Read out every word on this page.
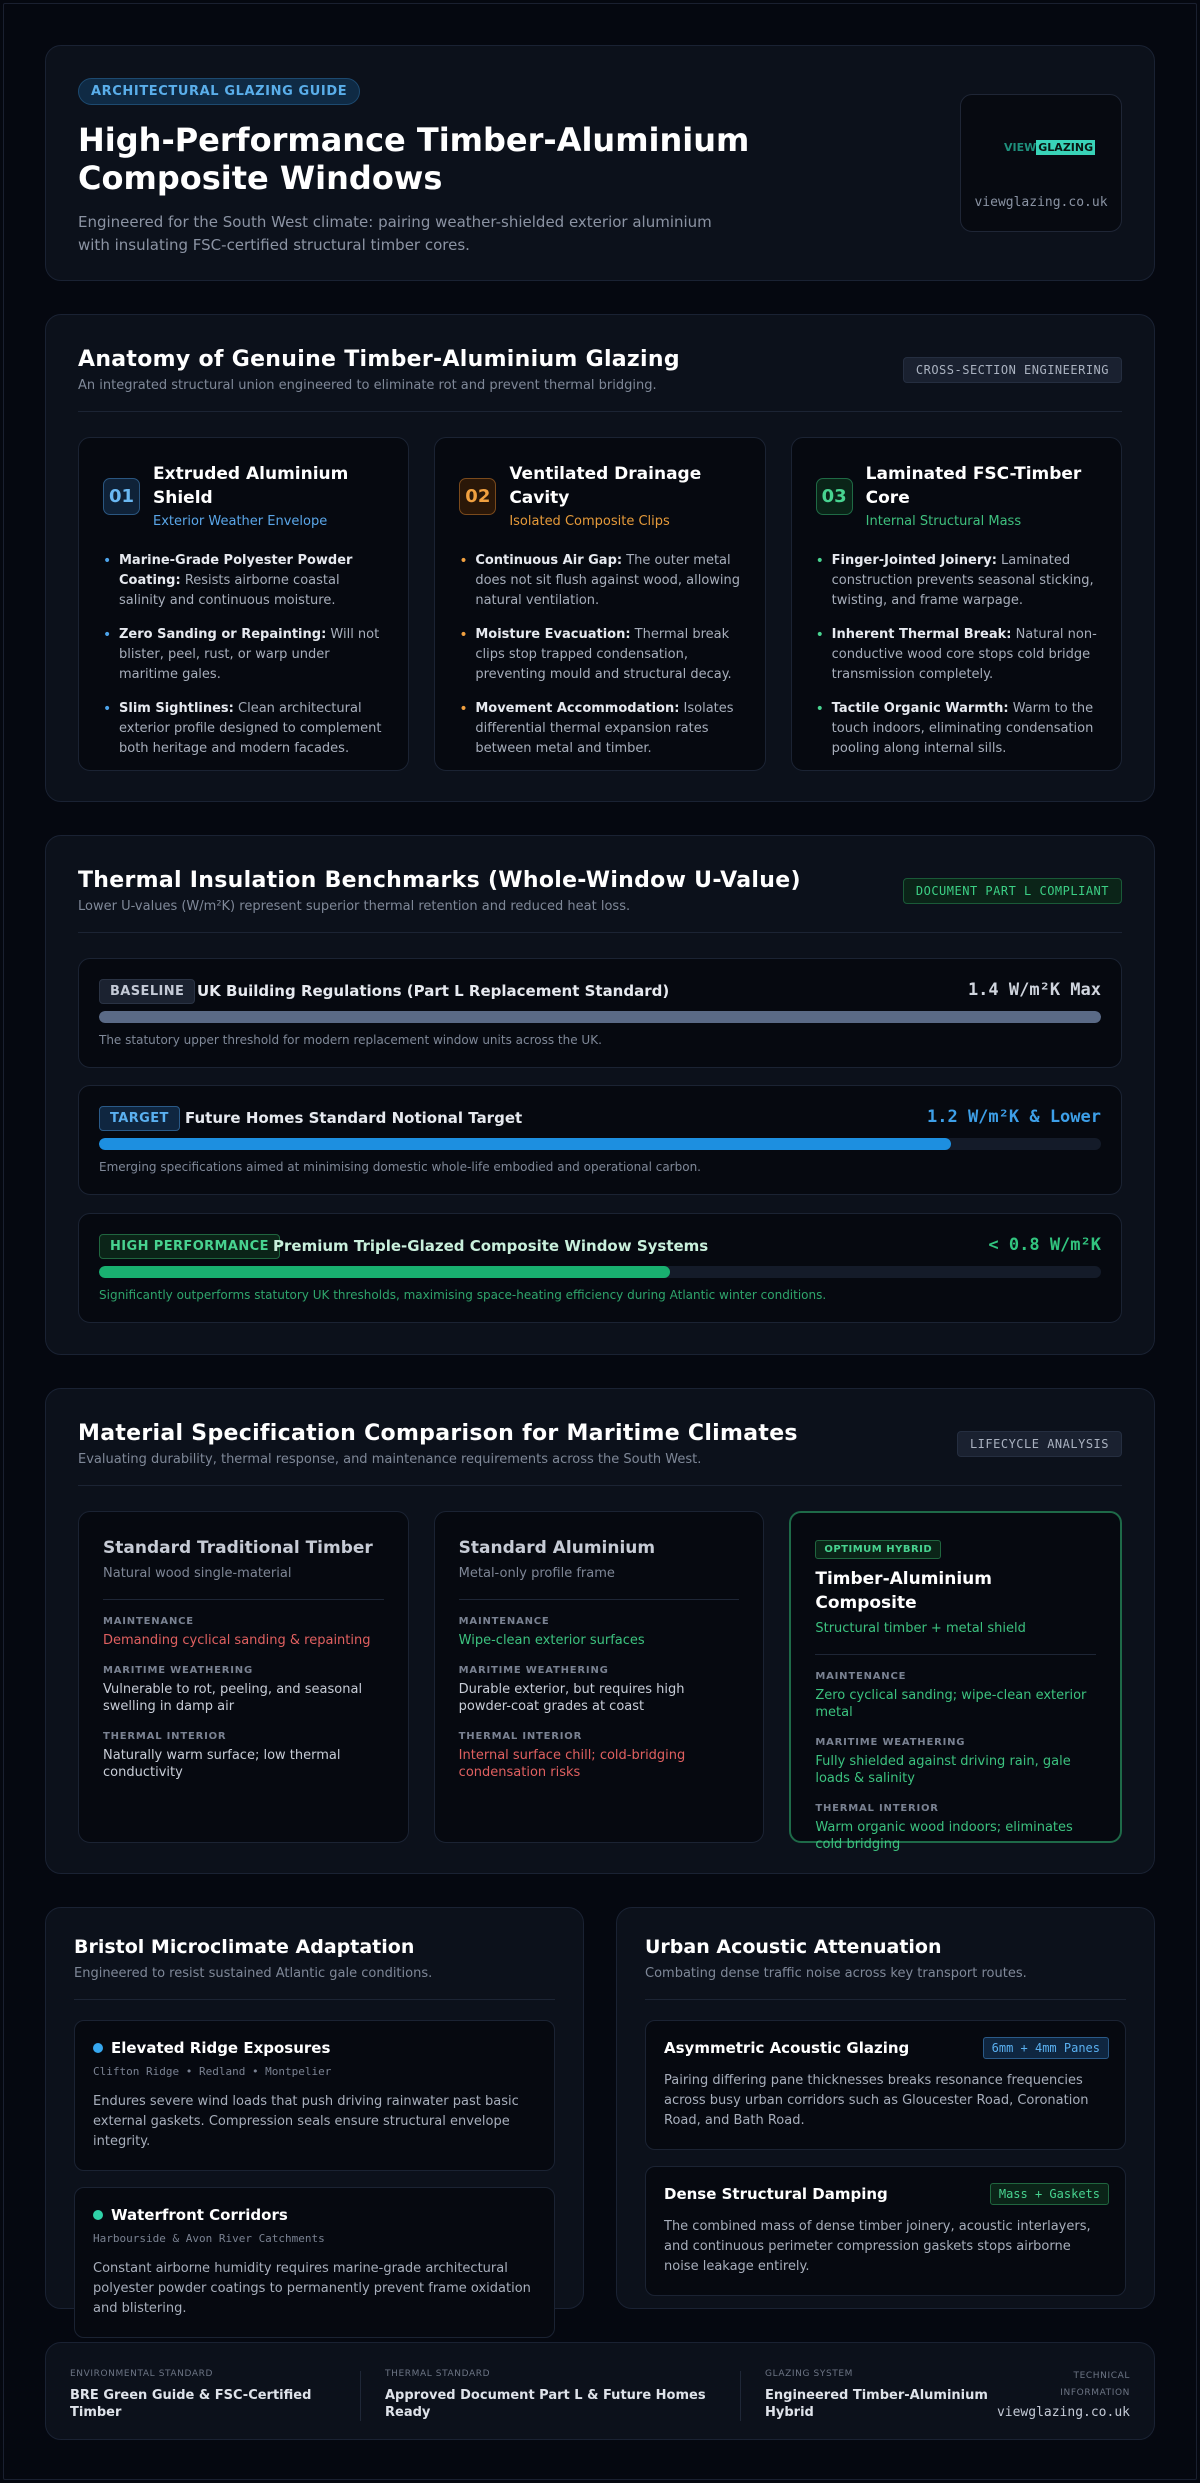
ARCHITECTURAL GLAZING GUIDE
High-Performance Timber-Aluminium Composite Windows

Engineered for the South West climate: pairing weather-shielded exterior aluminium with insulating FSC-certified structural timber cores.

VIEW GLAZING
viewglazing.co.uk
Anatomy of Genuine Timber-Aluminium Glazing

An integrated structural union engineered to eliminate rot and prevent thermal bridging.

CROSS-SECTION ENGINEERING
01
Extruded Aluminium Shield
Exterior Weather Envelope
• Marine-Grade Polyester Powder Coating: Resists airborne coastal salinity and continuous moisture.
• Zero Sanding or Repainting: Will not blister, peel, rust, or warp under maritime gales.
• Slim Sightlines: Clean architectural exterior profile designed to complement both heritage and modern facades.
02
Ventilated Drainage Cavity
Isolated Composite Clips
• Continuous Air Gap: The outer metal does not sit flush against wood, allowing natural ventilation.
• Moisture Evacuation: Thermal break clips stop trapped condensation, preventing mould and structural decay.
• Movement Accommodation: Isolates differential thermal expansion rates between metal and timber.
03
Laminated FSC-Timber Core
Internal Structural Mass
• Finger-Jointed Joinery: Laminated construction prevents seasonal sticking, twisting, and frame warpage.
• Inherent Thermal Break: Natural non-conductive wood core stops cold bridge transmission completely.
• Tactile Organic Warmth: Warm to the touch indoors, eliminating condensation pooling along internal sills.
Thermal Insulation Benchmarks (Whole-Window U-Value)

Lower U-values (W/m²K) represent superior thermal retention and reduced heat loss.

DOCUMENT PART L COMPLIANT
BASELINE UK Building Regulations (Part L Replacement Standard)	1.4 W/m²K Max
The statutory upper threshold for modern replacement window units across the UK.
TARGET	Future Homes Standard Notional Target	1.2 W/m²K & Lower
Emerging specifications aimed at minimising domestic whole-life embodied and operational carbon.
HIGH PERFORMANCE Premium Triple-Glazed Composite Window Systems	< 0.8 W/m²K
Significantly outperforms statutory UK thresholds, maximising space-heating efficiency during Atlantic winter conditions.
Material Specification Comparison for Maritime Climates

Evaluating durability, thermal response, and maintenance requirements across the South West.

LIFECYCLE ANALYSIS
Standard Traditional Timber
Natural wood single-material
MAINTENANCE
Demanding cyclical sanding & repainting
MARITIME WEATHERING
Vulnerable to rot, peeling, and seasonal swelling in damp air
THERMAL INTERIOR
Naturally warm surface; low thermal conductivity
Standard Aluminium
Metal-only profile frame
MAINTENANCE
Wipe-clean exterior surfaces
MARITIME WEATHERING
Durable exterior, but requires high powder-coat grades at coast
THERMAL INTERIOR
Internal surface chill; cold-bridging condensation risks
OPTIMUM HYBRID
Timber-Aluminium Composite
Structural timber + metal shield
MAINTENANCE
Zero cyclical sanding; wipe-clean exterior metal
MARITIME WEATHERING
Fully shielded against driving rain, gale loads & salinity
THERMAL INTERIOR
Warm organic wood indoors; eliminates cold bridging
Bristol Microclimate Adaptation

Engineered to resist sustained Atlantic gale conditions.

Elevated Ridge Exposures
Clifton Ridge • Redland • Montpelier
Endures severe wind loads that push driving rainwater past basic external gaskets. Compression seals ensure structural envelope integrity.
Waterfront Corridors
Harbourside & Avon River Catchments
Constant airborne humidity requires marine-grade architectural polyester powder coatings to permanently prevent frame oxidation and blistering.
Urban Acoustic Attenuation

Combating dense traffic noise across key transport routes.

Asymmetric Acoustic Glazing	6mm + 4mm Panes
Pairing differing pane thicknesses breaks resonance frequencies across busy urban corridors such as Gloucester Road, Coronation Road, and Bath Road.
Dense Structural Damping	Mass + Gaskets
The combined mass of dense timber joinery, acoustic interlayers, and continuous perimeter compression gaskets stops airborne noise leakage entirely.
ENVIRONMENTAL STANDARD
BRE Green Guide & FSC-Certified Timber
THERMAL STANDARD
Approved Document Part L & Future Homes Ready
GLAZING SYSTEM
Engineered Timber-Aluminium Hybrid
TECHNICAL
INFORMATION
viewglazing.co.uk
